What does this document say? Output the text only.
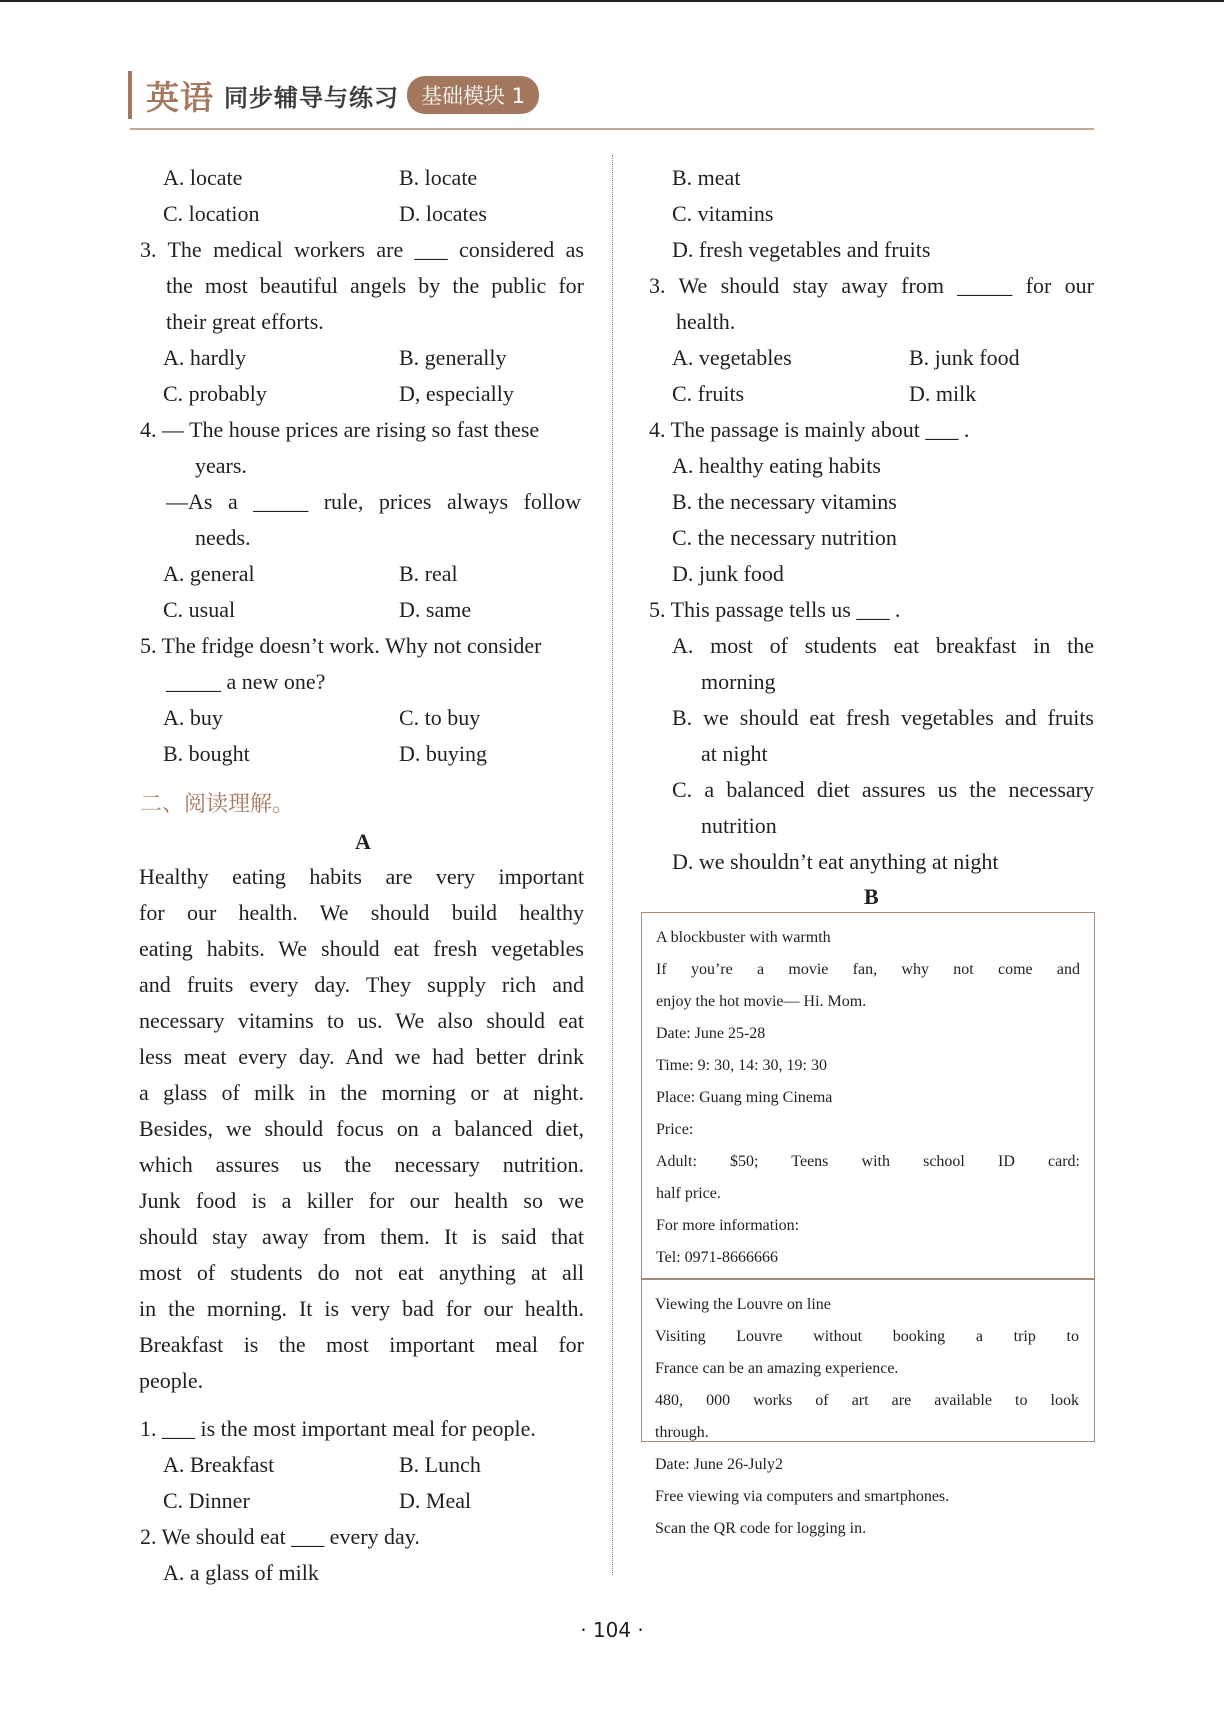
英语 同步辅导与练习	基础模块 1
A. locate	B. locate
C. location	D. locates
3. The medical workers are ___ considered as
the most beautiful angels by the public for
their great efforts.
A. hardly	B. generally
C. probably	D, especially
4. — The house prices are rising so fast these
years.
—As a _____ rule, prices always follow
needs.
A. general	B. real
C. usual	D. same
5. The fridge doesn’t work. Why not consider
_____ a new one?
A. buy	C. to buy
B. bought	D. buying
二、阅读理解。
A
Healthy eating habits are very important
for our health. We should build healthy
eating habits. We should eat fresh vegetables
and fruits every day. They supply rich and
necessary vitamins to us. We also should eat
less meat every day. And we had better drink
a glass of milk in the morning or at night.
Besides, we should focus on a balanced diet,
which assures us the necessary nutrition.
Junk food is a killer for our health so we
should stay away from them. It is said that
most of students do not eat anything at all
in the morning. It is very bad for our health.
Breakfast is the most important meal for
people.
1. ___ is the most important meal for people.
A. Breakfast	B. Lunch
C. Dinner	D. Meal
2. We should eat ___ every day.
A. a glass of milk
B. meat
C. vitamins
D. fresh vegetables and fruits
3. We should stay away from _____ for our
health.
A. vegetables	B. junk food
C. fruits	D. milk
4. The passage is mainly about ___ .
A. healthy eating habits
B. the necessary vitamins
C. the necessary nutrition
D. junk food
5. This passage tells us ___ .
A. most of students eat breakfast in the
morning
B. we should eat fresh vegetables and fruits
at night
C. a balanced diet assures us the necessary
nutrition
D. we shouldn’t eat anything at night
B
A blockbuster with warmth
If you’re a movie fan, why not come and
enjoy the hot movie— Hi. Mom.
Date: June 25-28
Time: 9: 30, 14: 30, 19: 30
Place: Guang ming Cinema
Price:
Adult: $50; Teens with school ID card:
half price.
For more information:
Tel: 0971-8666666
Viewing the Louvre on line
Visiting Louvre without booking a trip to
France can be an amazing experience.
480, 000 works of art are available to look
through.
Date: June 26-July2
Free viewing via computers and smartphones.
Scan the QR code for logging in.
· 104 ·
